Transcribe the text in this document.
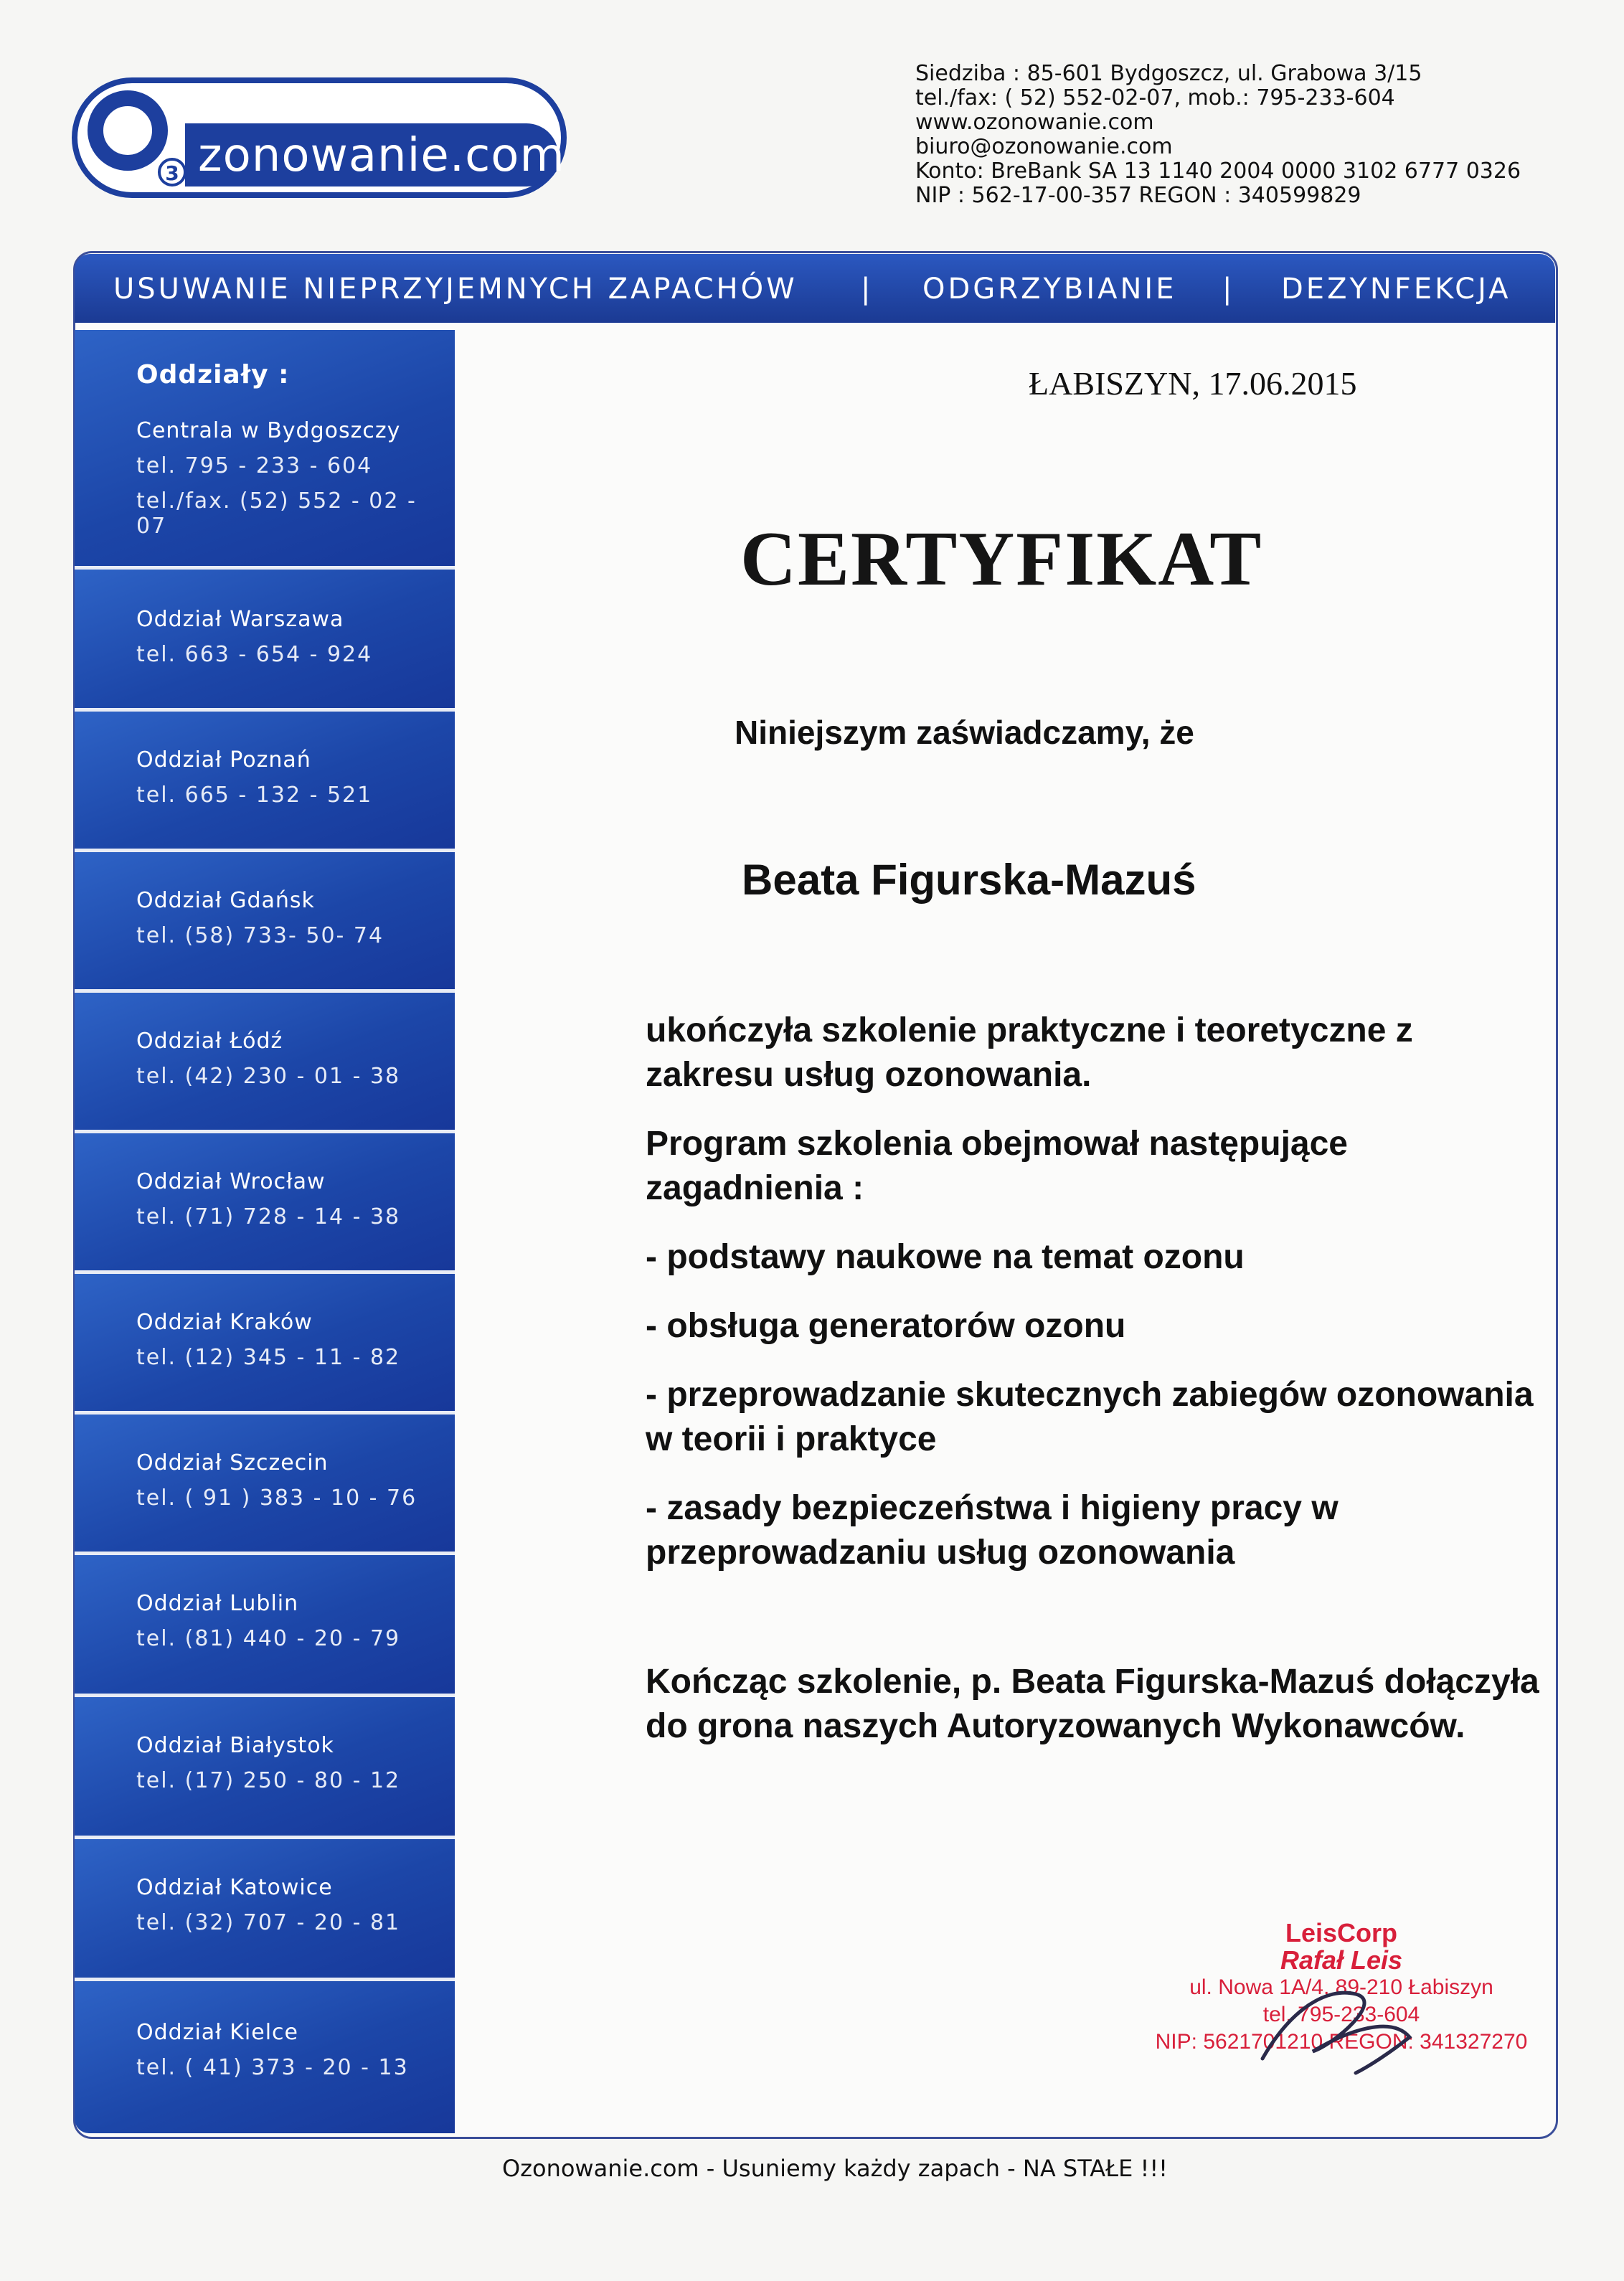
3 zonowanie.com
Siedziba : 85-601 Bydgoszcz, ul. Grabowa 3/15
tel./fax: ( 52) 552-02-07, mob.: 795-233-604
www.ozonowanie.com
biuro@ozonowanie.com
Konto: BreBank SA 13 1140 2004 0000 3102 6777 0326
NIP : 562-17-00-357 REGON : 340599829
USUWANIE NIEPRZYJEMNYCH ZAPACHÓW | ODGRZYBIANIE | DEZYNFEKCJA
Oddziały :
Centrala w Bydgoszczy
tel. 795 - 233 - 604
tel./fax. (52) 552 - 02 - 07
Oddział Warszawa
tel. 663 - 654 - 924
Oddział Poznań
tel. 665 - 132 - 521
Oddział Gdańsk
tel. (58) 733- 50- 74
Oddział Łódź
tel. (42) 230 - 01 - 38
Oddział Wrocław
tel. (71) 728 - 14 - 38
Oddział Kraków
tel. (12) 345 - 11 - 82
Oddział Szczecin
tel. ( 91 ) 383 - 10 - 76
Oddział Lublin
tel. (81) 440 - 20 - 79
Oddział Białystok
tel. (17) 250 - 80 - 12
Oddział Katowice
tel. (32) 707 - 20 - 81
Oddział Kielce
tel. ( 41) 373 - 20 - 13
ŁABISZYN, 17.06.2015
CERTYFIKAT
Niniejszym zaświadczamy, że
Beata Figurska-Mazuś

ukończyła szkolenie praktyczne i teoretyczne z zakresu usług ozonowania.

Program szkolenia obejmował następujące zagadnienia :

- podstawy naukowe na temat ozonu

- obsługa generatorów ozonu

- przeprowadzanie skutecznych zabiegów ozonowania w teorii i praktyce

- zasady bezpieczeństwa i higieny pracy w przeprowadzaniu usług ozonowania

Kończąc szkolenie, p. Beata Figurska-Mazuś dołączyła do grona naszych Autoryzowanych Wykonawców.

LeisCorp
Rafał Leis
ul. Nowa 1A/4, 89-210 Łabiszyn
tel. 795-233-604
NIP: 5621701210 REGON: 341327270
Ozonowanie.com - Usuniemy każdy zapach - NA STAŁE !!!
